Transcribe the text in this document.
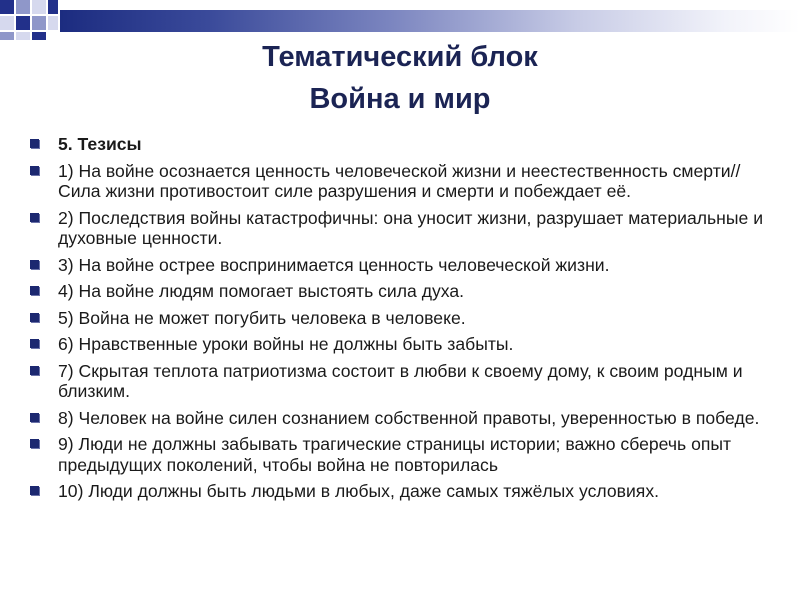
Тематический блок
Война и мир
5. Тезисы
1) На войне осознается ценность человеческой жизни и неестественность смерти//Сила жизни противостоит силе разрушения и смерти и побеждает её.
2) Последствия войны катастрофичны: она уносит жизни, разрушает материальные и духовные ценности.
3) На войне острее воспринимается ценность человеческой жизни.
4) На войне людям помогает выстоять сила духа.
5) Война не может погубить человека в человеке.
6) Нравственные уроки войны не должны быть забыты.
7) Скрытая теплота патриотизма состоит в любви к своему дому, к своим родным и близким.
8) Человек на войне силен сознанием собственной правоты, уверенностью в победе.
9) Люди не должны забывать трагические страницы истории; важно сберечь опыт предыдущих поколений, чтобы война не повторилась
10) Люди должны быть людьми в любых, даже самых тяжёлых условиях.
